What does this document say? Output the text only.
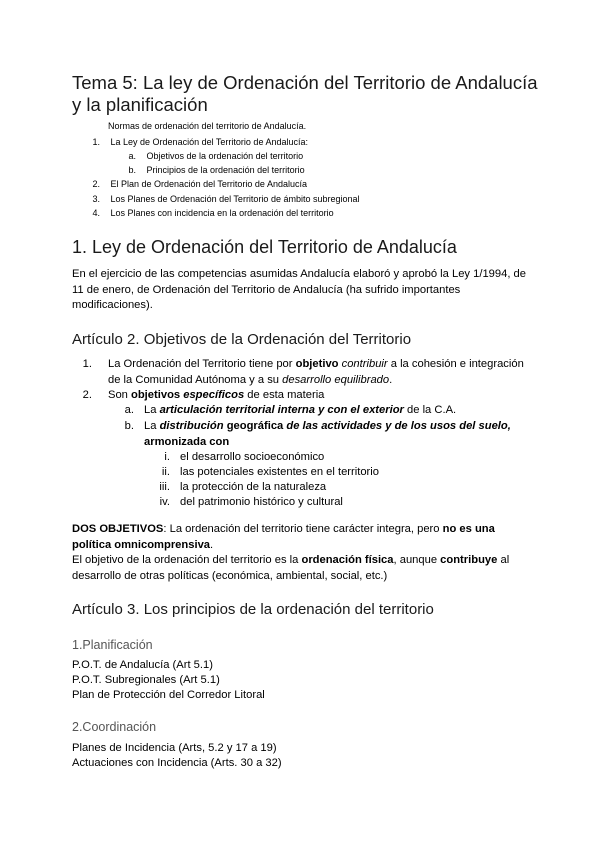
Tema 5: La ley de Ordenación del Territorio de Andalucía y la planificación
Normas de ordenación del territorio de Andalucía.
1. La Ley de Ordenación del Territorio de Andalucía:
a. Objetivos de la ordenación del territorio
b. Principios de la ordenación del territorio
2. El Plan de Ordenación del Territorio de Andalucía
3. Los Planes de Ordenación del Territorio de ámbito subregional
4. Los Planes con incidencia en la ordenación del territorio
1. Ley de Ordenación del Territorio de Andalucía
En el ejercicio de las competencias asumidas Andalucía elaboró y aprobó la Ley 1/1994, de 11 de enero, de Ordenación del Territorio de Andalucía (ha sufrido importantes modificaciones).
Artículo 2. Objetivos de la Ordenación del Territorio
1. La Ordenación del Territorio tiene por objetivo contribuir a la cohesión e integración de la Comunidad Autónoma y a su desarrollo equilibrado.
2. Son objetivos específicos de esta materia
a. La articulación territorial interna y con el exterior de la C.A.
b. La distribución geográfica de las actividades y de los usos del suelo,
armonizada con
i. el desarrollo socioeconómico
ii. las potenciales existentes en el territorio
iii. la protección de la naturaleza
iv. del patrimonio histórico y cultural
DOS OBJETIVOS: La ordenación del territorio tiene carácter integra, pero no es una política omnicomprensiva.
El objetivo de la ordenación del territorio es la ordenación física, aunque contribuye al desarrollo de otras políticas (económica, ambiental, social, etc.)
Artículo 3. Los principios de la ordenación del territorio
1.Planificación
P.O.T. de Andalucía (Art 5.1)
P.O.T. Subregionales (Art 5.1)
Plan de Protección del Corredor Litoral
2.Coordinación
Planes de Incidencia (Arts, 5.2 y 17 a 19)
Actuaciones con Incidencia (Arts. 30 a 32)
